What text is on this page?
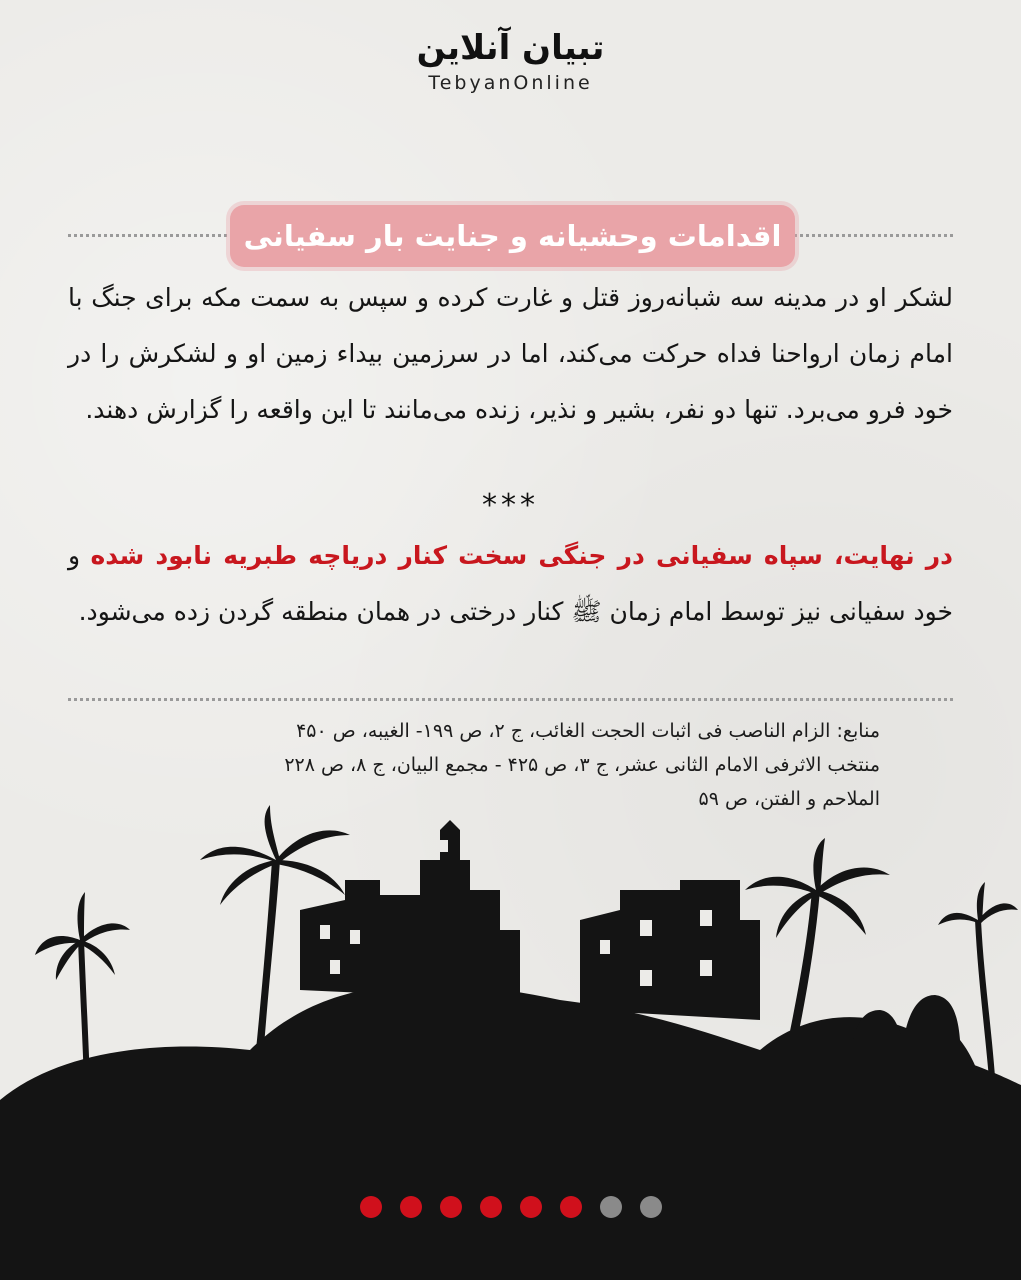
تبیان آنلاین
TebyanOnline
اقدامات وحشیانه و جنایت بار سفیانی
لشکر او در مدینه سه شبانه‌روز قتل و غارت کرده و سپس به سمت مکه برای جنگ با امام زمان ارواحنا فداه حرکت می‌کند، اما در سرزمین بیداء زمین او و لشکرش را در خود فرو می‌برد. تنها دو نفر، بشیر و نذیر، زنده می‌مانند تا این واقعه را گزارش دهند.
***
در نهایت، سپاه سفیانی در جنگی سخت کنار دریاچه طبریه نابود شده و خود سفیانی نیز توسط امام زمان ﷺ کنار درختی در همان منطقه گردن زده می‌شود.
منابع: الزام الناصب فی اثبات الحجت الغائب، ج ۲، ص ۱۹۹- الغیبه، ص ۴۵۰
منتخب الاثرفی الامام الثانی عشر، ج ۳، ص ۴۲۵ - مجمع البیان، ج ۸، ص ۲۲۸
الملاحم و الفتن، ص ۵۹
